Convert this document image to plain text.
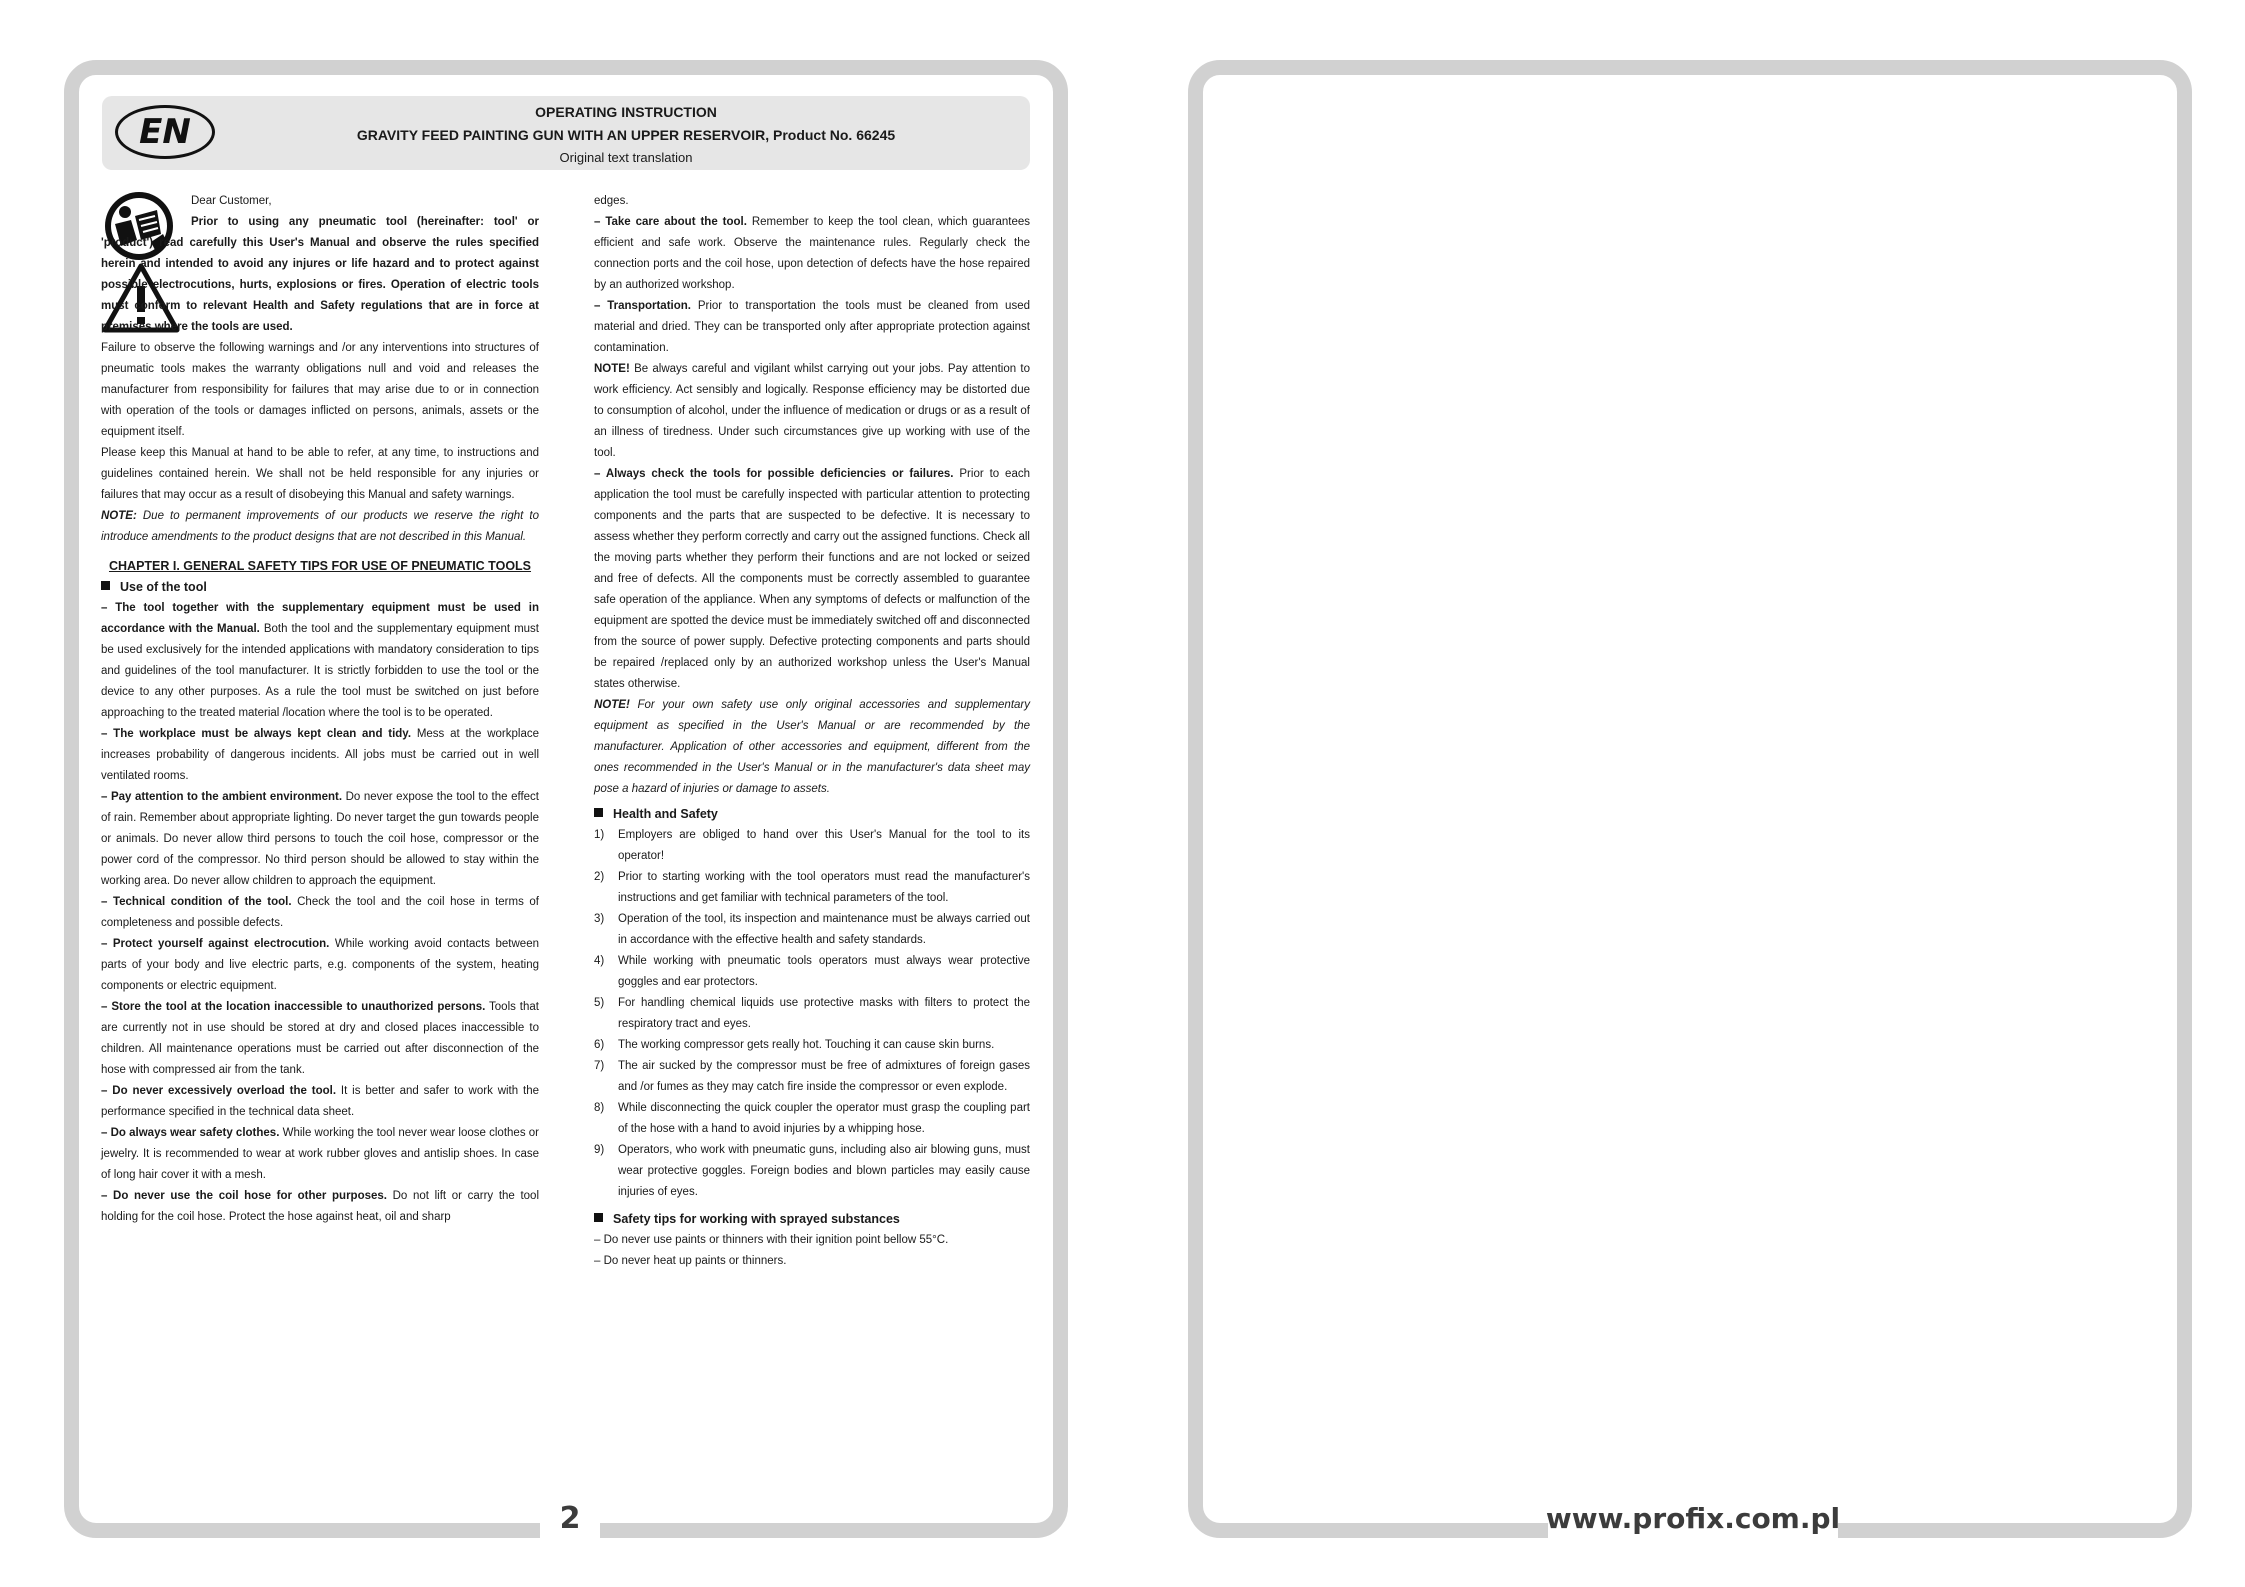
2	www.profix.com.pl
EN	OPERATING INSTRUCTION
GRAVITY FEED PAINTING GUN WITH AN UPPER RESERVOIR, Product No. 66245
Original text translation

Dear Customer,

Prior to using any pneumatic tool (hereinafter: tool' or 'product') read carefully this User's Manual and observe the rules specified herein and intended to avoid any injures or life hazard and to protect against possible electrocutions, hurts, explosions or fires. Operation of electric tools must conform to relevant Health and Safety regulations that are in force at premises where the tools are used.

Failure to observe the following warnings and /or any interventions into structures of pneumatic tools makes the warranty obligations null and void and releases the manufacturer from responsibility for failures that may arise due to or in connection with operation of the tools or damages inflicted on persons, animals, assets or the equipment itself.

Please keep this Manual at hand to be able to refer, at any time, to instructions and guidelines contained herein. We shall not be held responsible for any injuries or failures that may occur as a result of disobeying this Manual and safety warnings.

NOTE: Due to permanent improvements of our products we reserve the right to introduce amendments to the product designs that are not described in this Manual.

CHAPTER I. GENERAL SAFETY TIPS FOR USE OF PNEUMATIC TOOLS

Use of the tool

– The tool together with the supplementary equipment must be used in accordance with the Manual. Both the tool and the supplementary equipment must be used exclusively for the intended applications with mandatory consideration to tips and guidelines of the tool manufacturer. It is strictly forbidden to use the tool or the device to any other purposes. As a rule the tool must be switched on just before approaching to the treated material /location where the tool is to be operated.

– The workplace must be always kept clean and tidy. Mess at the workplace increases probability of dangerous incidents. All jobs must be carried out in well ventilated rooms.

– Pay attention to the ambient environment. Do never expose the tool to the effect of rain. Remember about appropriate lighting. Do never target the gun towards people or animals. Do never allow third persons to touch the coil hose, compressor or the power cord of the compressor. No third person should be allowed to stay within the working area. Do never allow children to approach the equipment.

– Technical condition of the tool. Check the tool and the coil hose in terms of completeness and possible defects.

– Protect yourself against electrocution. While working avoid contacts between parts of your body and live electric parts, e.g. components of the system, heating components or electric equipment.

– Store the tool at the location inaccessible to unauthorized persons. Tools that are currently not in use should be stored at dry and closed places inaccessible to children. All maintenance operations must be carried out after disconnection of the hose with compressed air from the tank.

– Do never excessively overload the tool. It is better and safer to work with the performance specified in the technical data sheet.

– Do always wear safety clothes. While working the tool never wear loose clothes or jewelry. It is recommended to wear at work rubber gloves and antislip shoes. In case of long hair cover it with a mesh.

– Do never use the coil hose for other purposes. Do not lift or carry the tool holding for the coil hose. Protect the hose against heat, oil and sharp

edges.

– Take care about the tool. Remember to keep the tool clean, which guarantees efficient and safe work. Observe the maintenance rules. Regularly check the connection ports and the coil hose, upon detection of defects have the hose repaired by an authorized workshop.

– Transportation. Prior to transportation the tools must be cleaned from used material and dried. They can be transported only after appropriate protection against contamination.

NOTE! Be always careful and vigilant whilst carrying out your jobs. Pay attention to work efficiency. Act sensibly and logically. Response efficiency may be distorted due to consumption of alcohol, under the influence of medication or drugs or as a result of an illness of tiredness. Under such circumstances give up working with use of the tool.

– Always check the tools for possible deficiencies or failures. Prior to each application the tool must be carefully inspected with particular attention to protecting components and the parts that are suspected to be defective. It is necessary to assess whether they perform correctly and carry out the assigned functions. Check all the moving parts whether they perform their functions and are not locked or seized and free of defects. All the components must be correctly assembled to guarantee safe operation of the appliance. When any symptoms of defects or malfunction of the equipment are spotted the device must be immediately switched off and disconnected from the source of power supply. Defective protecting components and parts should be repaired /replaced only by an authorized workshop unless the User's Manual states otherwise.

NOTE! For your own safety use only original accessories and supplementary equipment as specified in the User's Manual or are recommended by the manufacturer. Application of other accessories and equipment, different from the ones recommended in the User's Manual or in the manufacturer's data sheet may pose a hazard of injuries or damage to assets.

Health and Safety

1) Employers are obliged to hand over this User's Manual for the tool to its operator!
2) Prior to starting working with the tool operators must read the manufacturer's instructions and get familiar with technical parameters of the tool.
3) Operation of the tool, its inspection and maintenance must be always carried out in accordance with the effective health and safety standards.
4) While working with pneumatic tools operators must always wear protective goggles and ear protectors.
5) For handling chemical liquids use protective masks with filters to protect the respiratory tract and eyes.
6) The working compressor gets really hot. Touching it can cause skin burns.
7) The air sucked by the compressor must be free of admixtures of foreign gases and /or fumes as they may catch fire inside the compressor or even explode.
8) While disconnecting the quick coupler the operator must grasp the coupling part of the hose with a hand to avoid injuries by a whipping hose.
9) Operators, who work with pneumatic guns, including also air blowing guns, must wear protective goggles. Foreign bodies and blown particles may easily cause injuries of eyes.

Safety tips for working with sprayed substances

– Do never use paints or thinners with their ignition point bellow 55°C.

– Do never heat up paints or thinners.
